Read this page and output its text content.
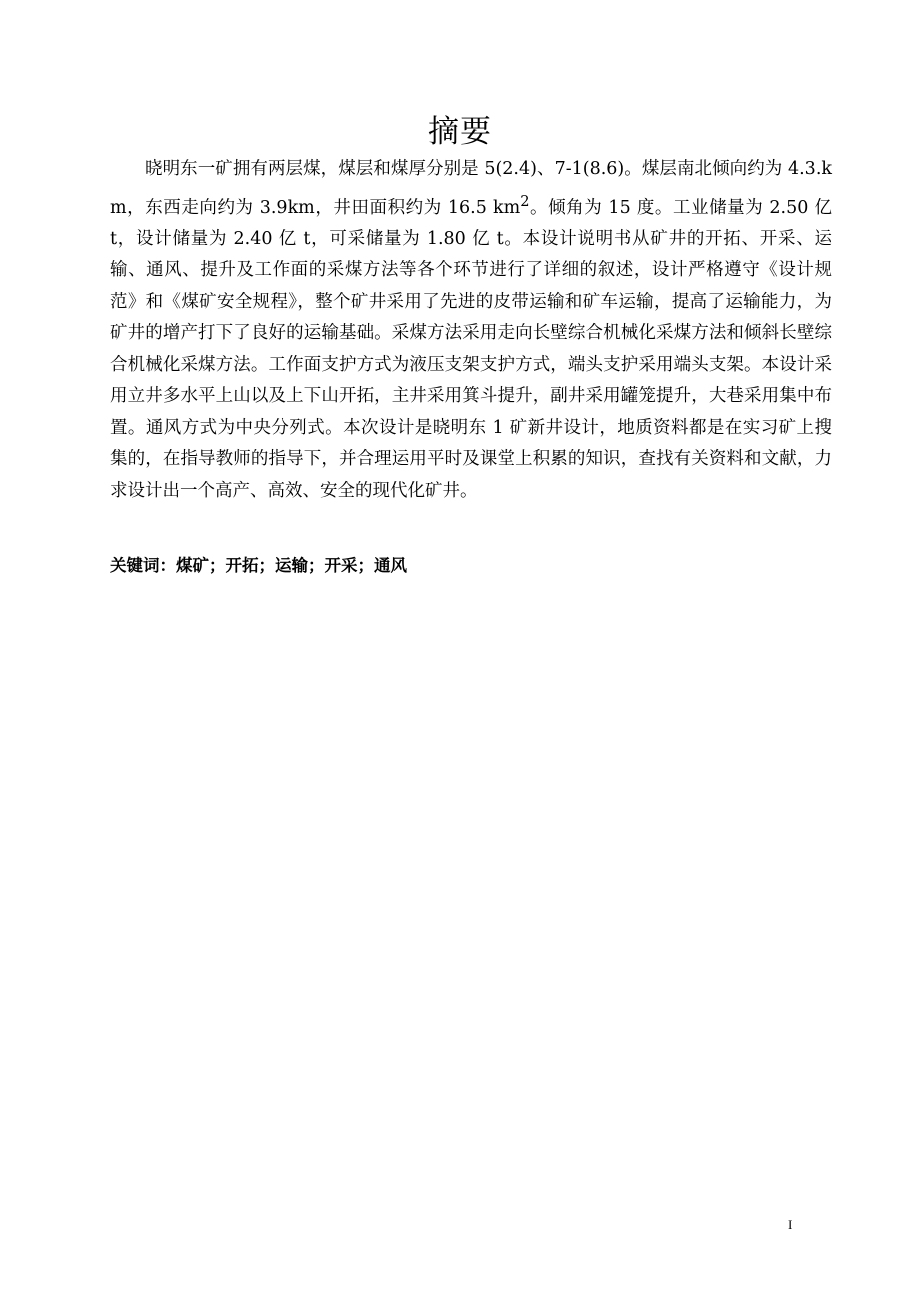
摘要

晓明东一矿拥有两层煤，煤层和煤厚分别是 5(2.4)、7-1(8.6)。煤层南北倾向约为 4.3.km，东西走向约为 3.9km，井田面积约为 16.5 $km^2$。倾角为 15 度。工业储量为 2.50 亿 t，设计储量为 2.40 亿 t，可采储量为 1.80 亿 t。本设计说明书从矿井的开拓、开采、运输、通风、提升及工作面的采煤方法等各个环节进行了详细的叙述，设计严格遵守《设计规范》和《煤矿安全规程》，整个矿井采用了先进的皮带运输和矿车运输，提高了运输能力，为矿井的增产打下了良好的运输基础。采煤方法采用走向长壁综合机械化采煤方法和倾斜长壁综合机械化采煤方法。工作面支护方式为液压支架支护方式，端头支护采用端头支架。本设计采用立井多水平上山以及上下山开拓，主井采用箕斗提升，副井采用罐笼提升，大巷采用集中布置。通风方式为中央分列式。本次设计是晓明东 1 矿新井设计，地质资料都是在实习矿上搜集的，在指导教师的指导下，并合理运用平时及课堂上积累的知识，查找有关资料和文献，力求设计出一个高产、高效、安全的现代化矿井。

关键词：煤矿；开拓；运输；开采；通风
I
